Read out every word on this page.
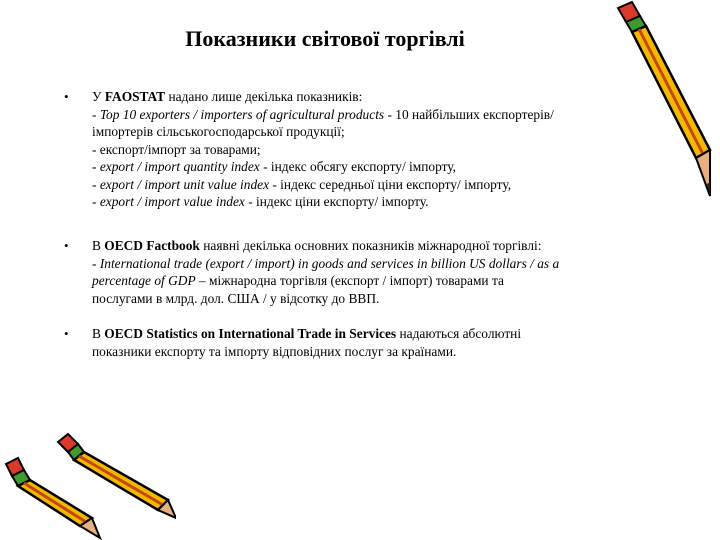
Показники світової торгівлі
• У FAOSTAT надано лише декілька показників:
- Top 10 exporters / importers of agricultural products - 10 найбільших експортерів/
імпортерів сільськогосподарської продукції;
- експорт/імпорт за товарами;
- export / import quantity index - індекс обсягу експорту/ імпорту,
- export / import unit value index - індекс середньої ціни експорту/ імпорту,
- export / import value index - індекс ціни експорту/ імпорту.
• В OECD Factbook наявні декілька основних показників міжнародної торгівлі:
- International trade (export / import) in goods and services in billion US dollars / as a
percentage of GDP – міжнародна торгівля (експорт / імпорт) товарами та
послугами в млрд. дол. США / у відсотку до ВВП.
• В OECD Statistics on International Trade in Services надаються абсолютні
показники експорту та імпорту відповідних послуг за країнами.
